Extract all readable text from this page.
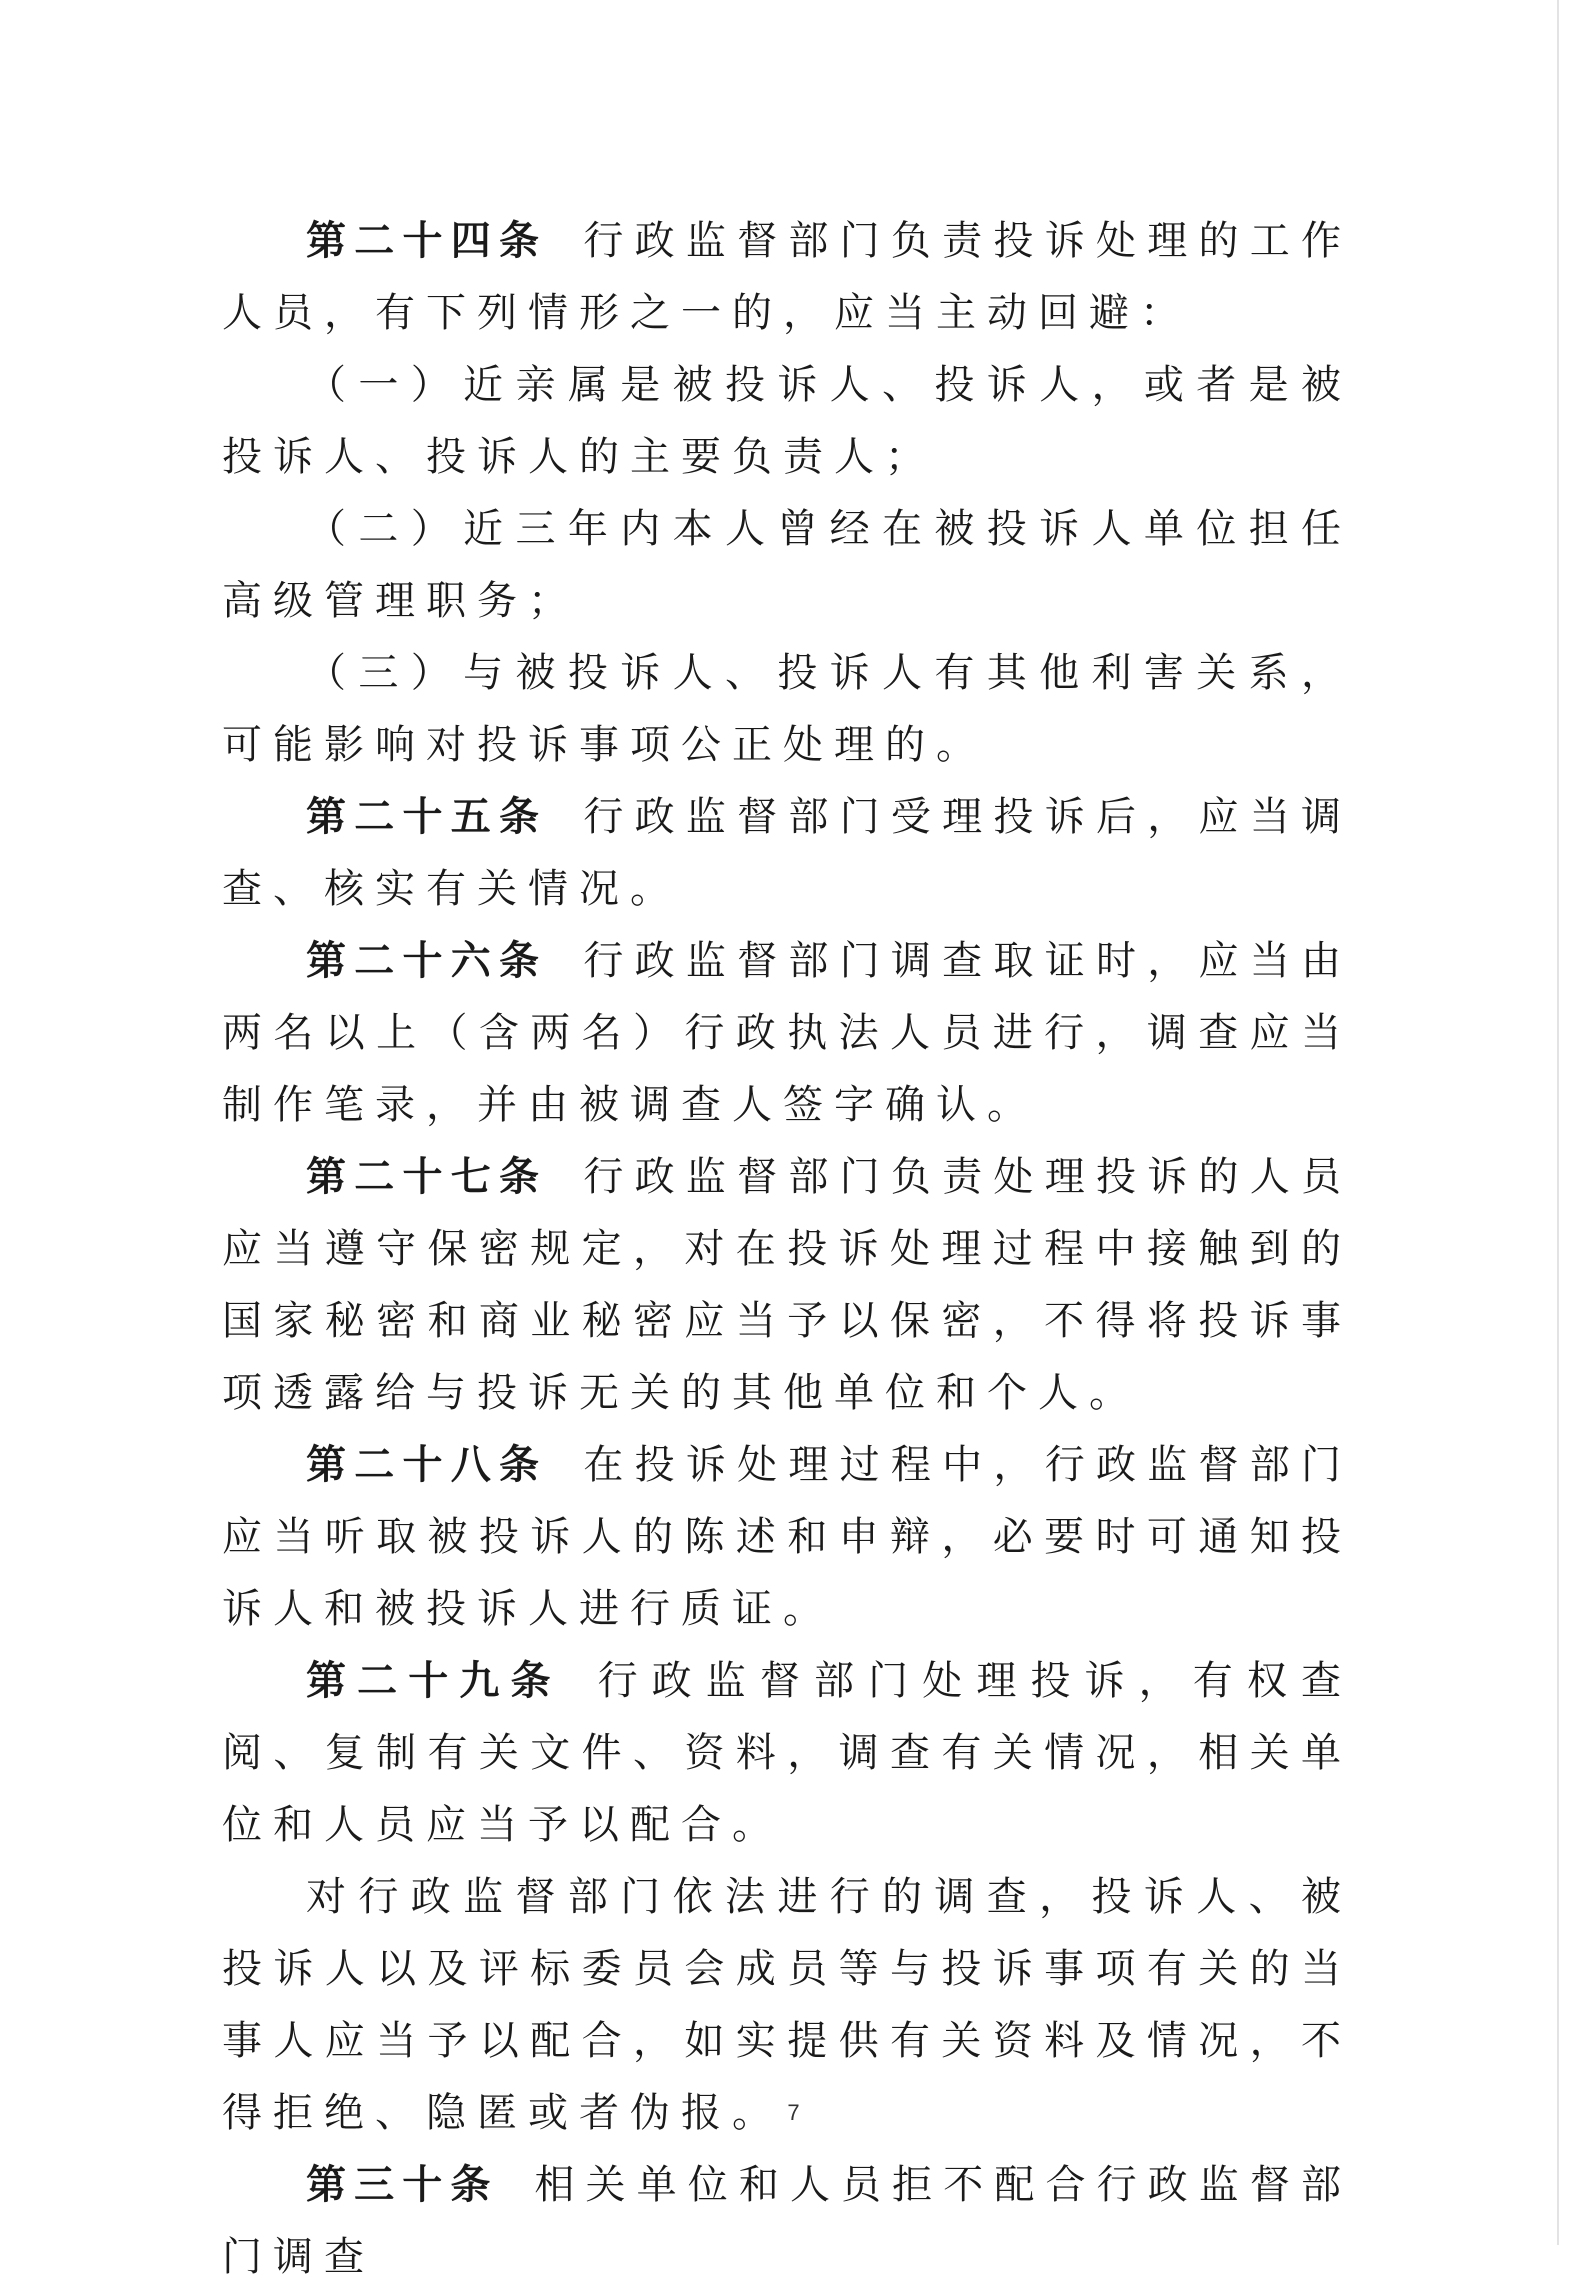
第二十四条 行政监督部门负责投诉处理的工作人员，有下列情形之一的，应当主动回避：

（一）近亲属是被投诉人、投诉人，或者是被投诉人、投诉人的主要负责人；

（二）近三年内本人曾经在被投诉人单位担任高级管理职务；

（三）与被投诉人、投诉人有其他利害关系，可能影响对投诉事项公正处理的。

第二十五条 行政监督部门受理投诉后，应当调查、核实有关情况。

第二十六条 行政监督部门调查取证时，应当由两名以上（含两名）行政执法人员进行，调查应当制作笔录，并由被调查人签字确认。

第二十七条 行政监督部门负责处理投诉的人员应当遵守保密规定，对在投诉处理过程中接触到的国家秘密和商业秘密应当予以保密，不得将投诉事项透露给与投诉无关的其他单位和个人。

第二十八条 在投诉处理过程中，行政监督部门应当听取被投诉人的陈述和申辩，必要时可通知投诉人和被投诉人进行质证。

第二十九条 行政监督部门处理投诉，有权查阅、复制有关文件、资料，调查有关情况，相关单位和人员应当予以配合。

对行政监督部门依法进行的调查，投诉人、被投诉人以及评标委员会成员等与投诉事项有关的当事人应当予以配合，如实提供有关资料及情况，不得拒绝、隐匿或者伪报。

第三十条 相关单位和人员拒不配合行政监督部门调查

7
